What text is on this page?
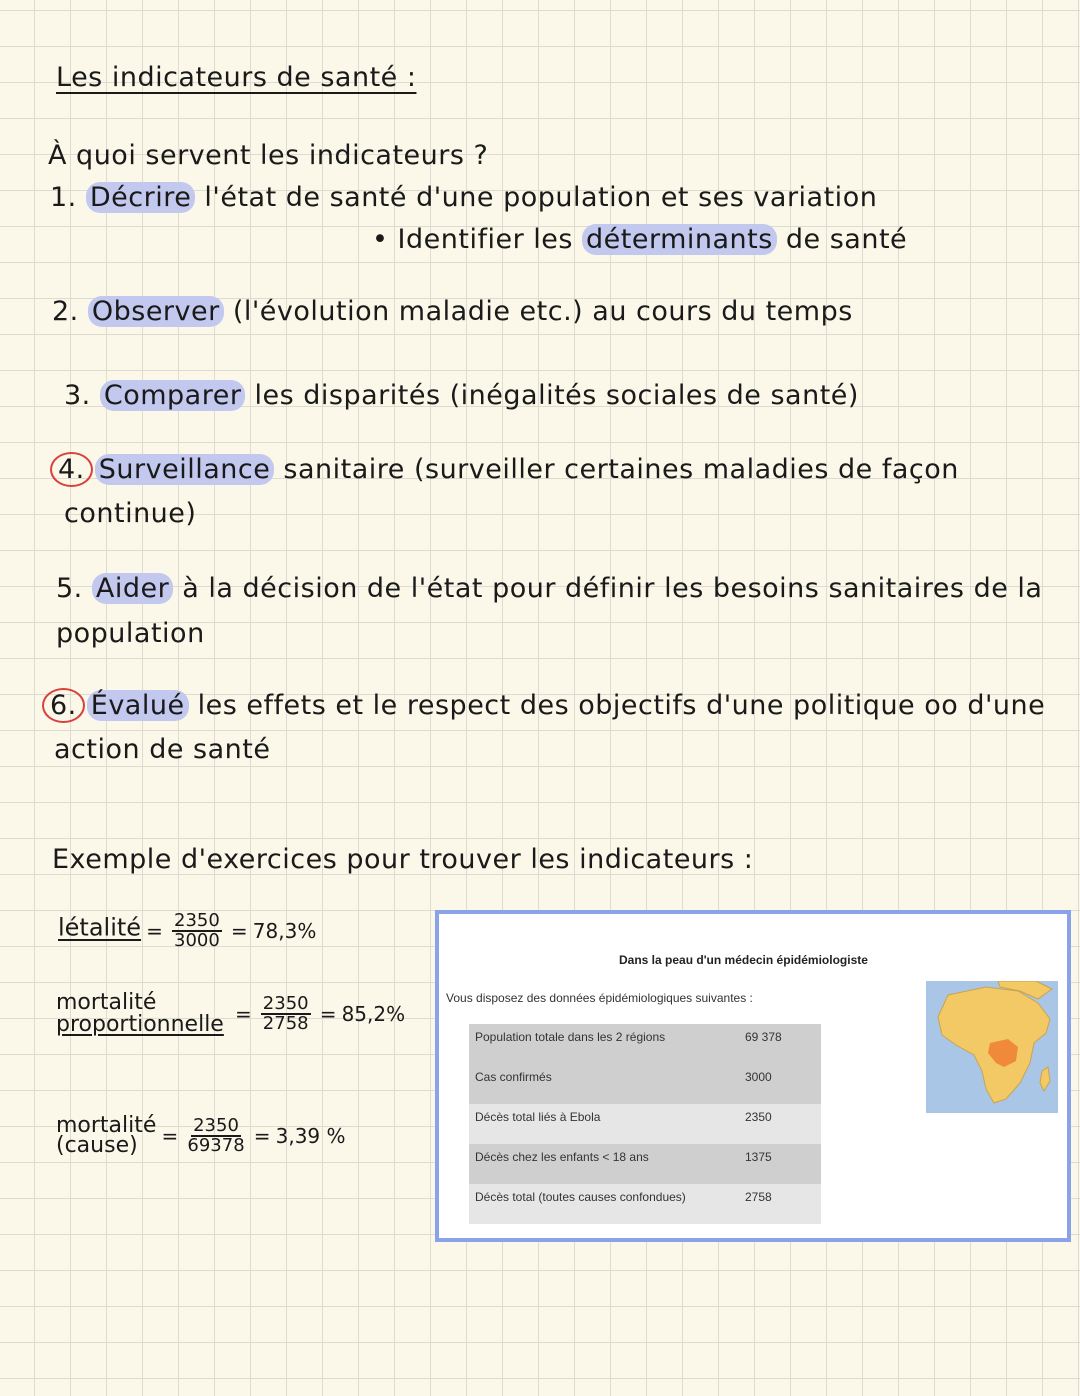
Les indicateurs de santé :
À quoi servent les indicateurs ?
1. Décrire l'état de santé d'une population et ses variation
• Identifier les déterminants de santé
2. Observer (l'évolution maladie etc.) au cours du temps
3. Comparer les disparités (inégalités sociales de santé)
4. Surveillance sanitaire (surveiller certaines maladies de façon
continue)
5. Aider à la décision de l'état pour définir les besoins sanitaires de la
population
6. Évalué les effets et le respect des objectifs d'une politique oo d'une
action de santé
Exemple d'exercices pour trouver les indicateurs :
létalité = $\frac{2350}{3000} = 78,3\%$
mortalité
proportionnelle = $\frac{2350}{2758} = 85,2\%$
mortalité
(cause)	= $\frac{2350}{69378} = 3,39$ %
Dans la peau d'un médecin épidémiologiste
Vous disposez des données épidémiologiques suivantes :
Population totale dans les 2 régions	69 378
Cas confirmés	3000
Décès total liés à Ebola	2350
Décès chez les enfants < 18 ans	1375
Décès total (toutes causes confondues)	2758
